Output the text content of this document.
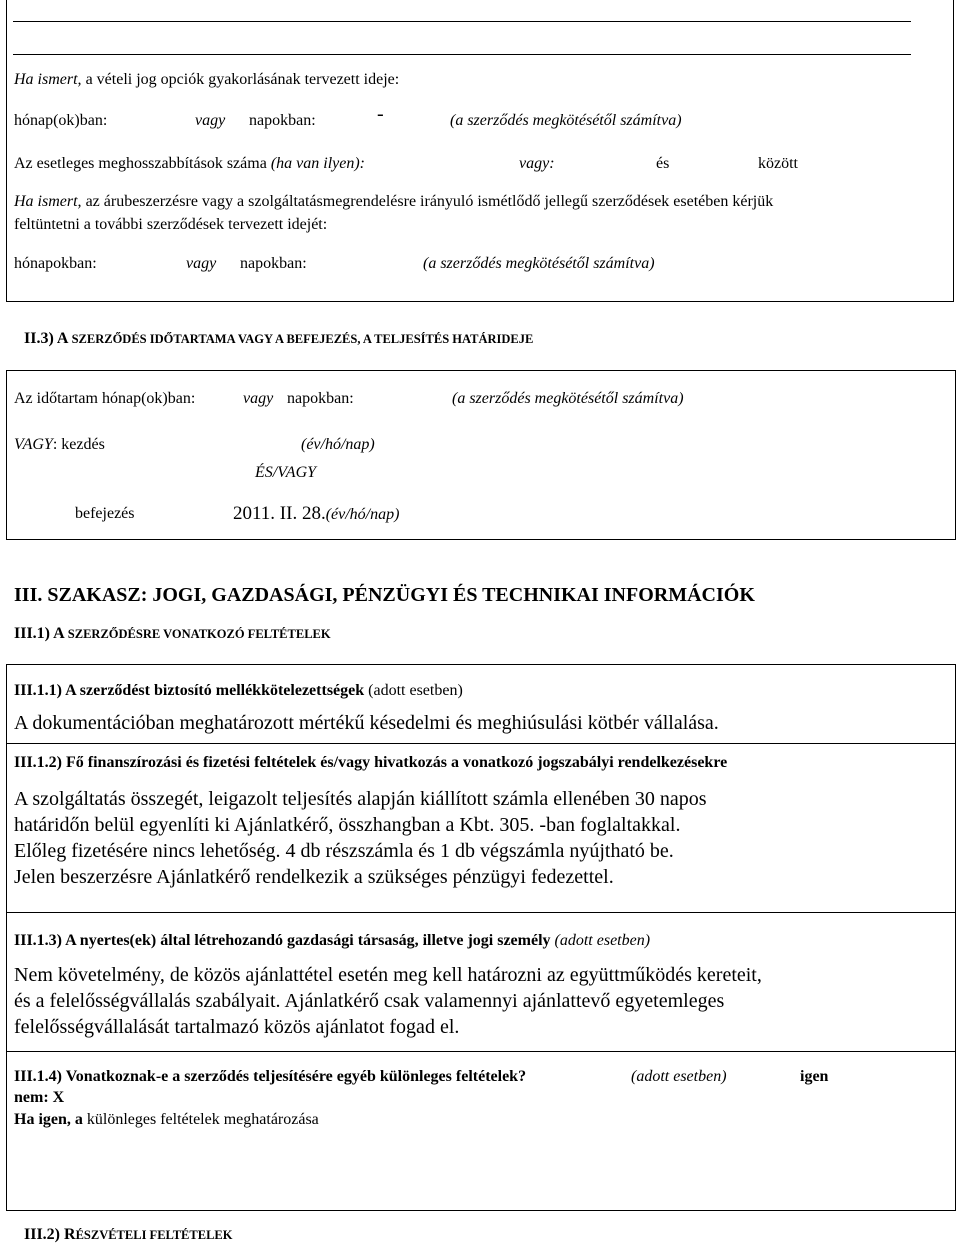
Ha ismert, a vételi jog opciók gyakorlásának tervezett ideje:
hónap(ok)ban:	vagy napokban:	-	(a szerződés megkötésétől számítva)
Az esetleges meghosszabbítások száma (ha van ilyen):	vagy:	és	között
Ha ismert, az árubeszerzésre vagy a szolgáltatásmegrendelésre irányuló ismétlődő jellegű szerződések esetében kérjük
feltüntetni a további szerződések tervezett idejét:
hónapokban:	vagy napokban:	(a szerződés megkötésétől számítva)
II.3) A SZERZŐDÉS IDŐTARTAMA VAGY A BEFEJEZÉS, A TELJESÍTÉS HATÁRIDEJE
Az időtartam hónap(ok)ban:	vagy napokban:	(a szerződés megkötésétől számítva)
VAGY: kezdés	(év/hó/nap)
ÉS/VAGY
befejezés	2011. II. 28.(év/hó/nap)
III. SZAKASZ: JOGI, GAZDASÁGI, PÉNZÜGYI ÉS TECHNIKAI INFORMÁCIÓK
III.1) A SZERZŐDÉSRE VONATKOZÓ FELTÉTELEK
III.1.1) A szerződést biztosító mellékkötelezettségek (adott esetben)
A dokumentációban meghatározott mértékű késedelmi és meghiúsulási kötbér vállalása.
III.1.2) Fő finanszírozási és fizetési feltételek és/vagy hivatkozás a vonatkozó jogszabályi rendelkezésekre
A szolgáltatás összegét, leigazolt teljesítés alapján kiállított számla ellenében 30 napos
határidőn belül egyenlíti ki Ajánlatkérő, összhangban a Kbt. 305. -ban foglaltakkal.
Előleg fizetésére nincs lehetőség. 4 db részszámla és 1 db végszámla nyújtható be.
Jelen beszerzésre Ajánlatkérő rendelkezik a szükséges pénzügyi fedezettel.
III.1.3) A nyertes(ek) által létrehozandó gazdasági társaság, illetve jogi személy (adott esetben)
Nem követelmény, de közös ajánlattétel esetén meg kell határozni az együttműködés kereteit,
és a felelősségvállalás szabályait. Ajánlatkérő csak valamennyi ajánlattevő egyetemleges
felelősségvállalását tartalmazó közös ajánlatot fogad el.
III.1.4) Vonatkoznak-e a szerződés teljesítésére egyéb különleges feltételek?	(adott esetben)	igen
nem: X
Ha igen, a különleges feltételek meghatározása
III.2) RÉSZVÉTELI FELTÉTELEK
